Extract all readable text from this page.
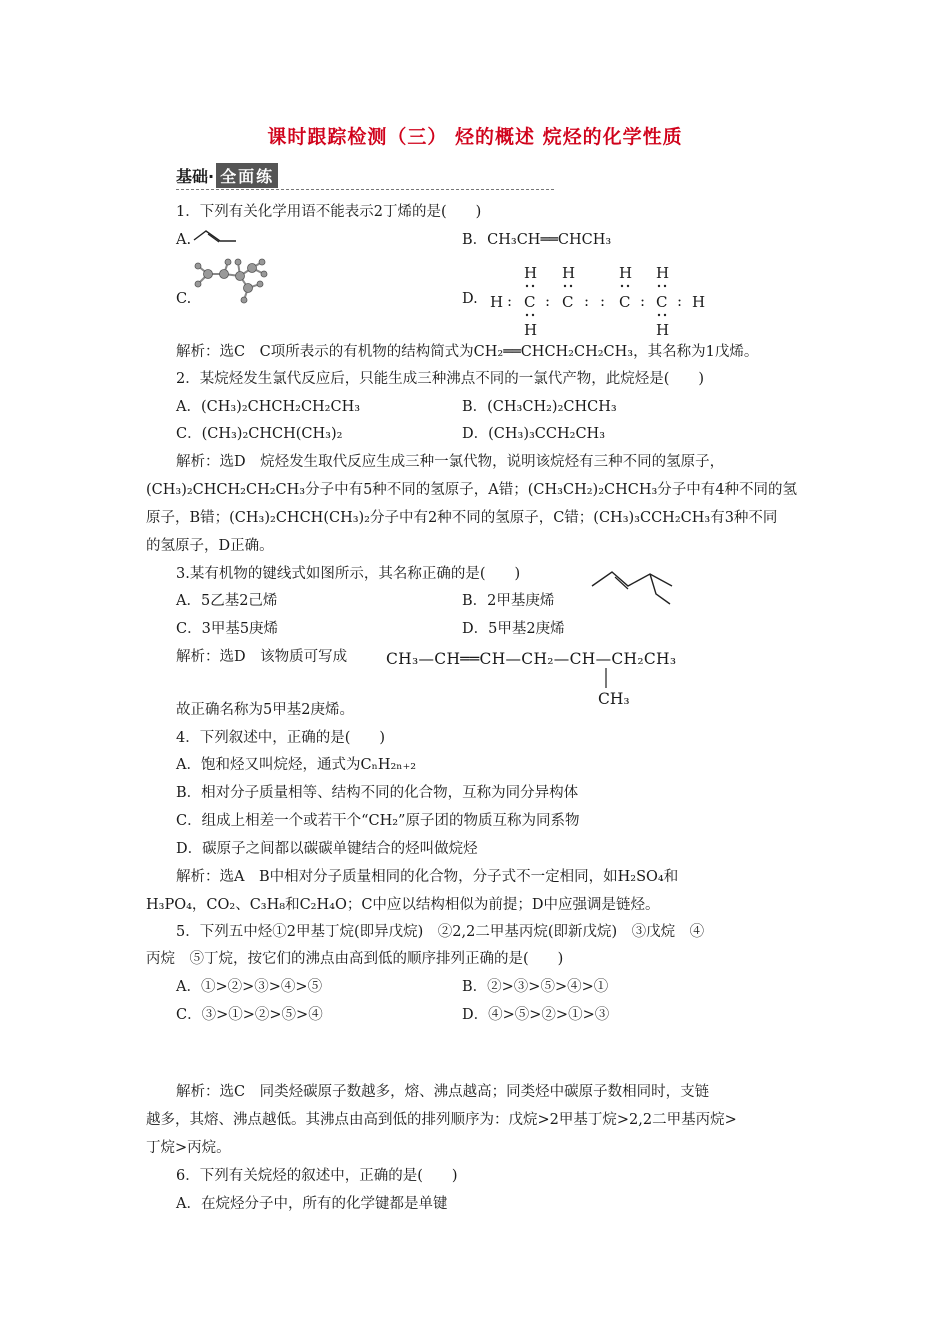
课时跟踪检测（三） 烃的概述 烷烃的化学性质
基础· 全面练
1．下列有关化学用语不能表示2丁烯的是(　　)
A.	B．CH₃CH══CHCH₃
C.	D.
H H	H H
H : C : C : : C : C : H
H	H
解析：选C　C项所表示的有机物的结构简式为CH₂══CHCH₂CH₂CH₃，其名称为1戊烯。
2．某烷烃发生氯代反应后，只能生成三种沸点不同的一氯代产物，此烷烃是(　　)
A．(CH₃)₂CHCH₂CH₂CH₃	B．(CH₃CH₂)₂CHCH₃
C．(CH₃)₂CHCH(CH₃)₂	D．(CH₃)₃CCH₂CH₃
解析：选D　烷烃发生取代反应生成三种一氯代物，说明该烷烃有三种不同的氢原子，
(CH₃)₂CHCH₂CH₂CH₃分子中有5种不同的氢原子，A错；(CH₃CH₂)₂CHCH₃分子中有4种不同的氢
原子，B错；(CH₃)₂CHCH(CH₃)₂分子中有2种不同的氢原子，C错；(CH₃)₃CCH₂CH₃有3种不同
的氢原子，D正确。
3.某有机物的键线式如图所示，其名称正确的是(　　)
A．5乙基2己烯	B．2甲基庚烯
C．3甲基5庚烯	D．5甲基2庚烯
解析：选D　该物质可写成	CH₃—CH══CH—CH₂—CH—CH₂CH₃
CH₃
故正确名称为5甲基2庚烯。
4．下列叙述中，正确的是(　　)
A．饱和烃又叫烷烃，通式为CₙH₂ₙ₊₂
B．相对分子质量相等、结构不同的化合物，互称为同分异构体
C．组成上相差一个或若干个“CH₂”原子团的物质互称为同系物
D．碳原子之间都以碳碳单键结合的烃叫做烷烃
解析：选A　B中相对分子质量相同的化合物，分子式不一定相同，如H₂SO₄和
H₃PO₄，CO₂、C₃H₈和C₂H₄O；C中应以结构相似为前提；D中应强调是链烃。
5．下列五中烃①2甲基丁烷(即异戊烷)　②2,2二甲基丙烷(即新戊烷)　③戊烷　④
丙烷　⑤丁烷，按它们的沸点由高到低的顺序排列正确的是(　　)
A．①>②>③>④>⑤	B．②>③>⑤>④>①
C．③>①>②>⑤>④	D．④>⑤>②>①>③
解析：选C　同类烃碳原子数越多，熔、沸点越高；同类烃中碳原子数相同时，支链
越多，其熔、沸点越低。其沸点由高到低的排列顺序为：戊烷>2甲基丁烷>2,2二甲基丙烷>
丁烷>丙烷。
6．下列有关烷烃的叙述中，正确的是(　　)
A．在烷烃分子中，所有的化学键都是单键
